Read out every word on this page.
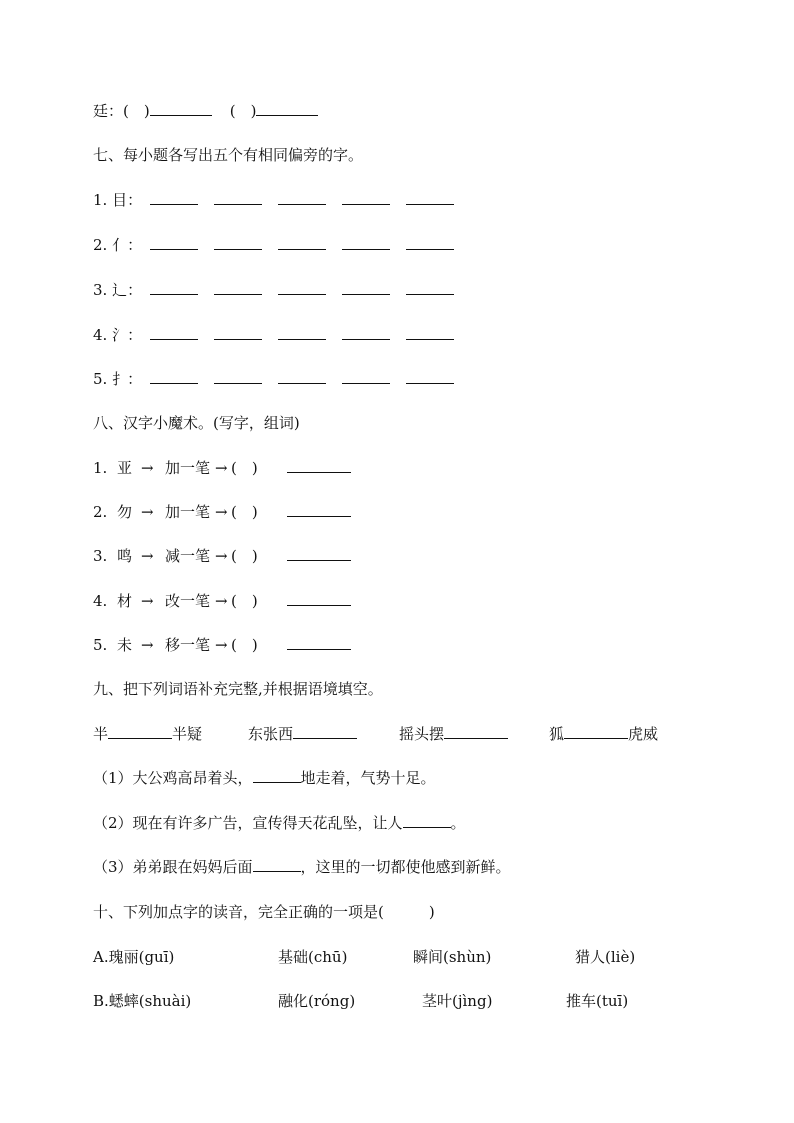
廷：(　)	(　)
七、每小题各写出五个有相同偏旁的字。
1. 目：
2. 亻：
3. 辶：
4. 氵：
5. 扌：
八、汉字小魔术。(写字，组词)
1. 亚 → 加一笔 → (　)
2. 勿 → 加一笔 → (　)
3. 鸣 → 减一笔 → (　)
4. 材 → 改一笔 → (　)
5. 未 → 移一笔 → (　)
九、把下列词语补充完整,并根据语境填空。
半	半疑	东张西	摇头摆	狐	虎威
（1）大公鸡高昂着头，	地走着，气势十足。
（2）现在有许多广告，宣传得天花乱坠，让人	。
（3）弟弟跟在妈妈后面	，这里的一切都使他感到新鲜。
十、下列加点字的读音，完全正确的一项是(　　　)
A.瑰丽(guī)	基础(chū)	瞬间(shùn)	猎人(liè)
B.蟋蟀(shuài)	融化(róng)	茎叶(jìng)	推车(tuī)
